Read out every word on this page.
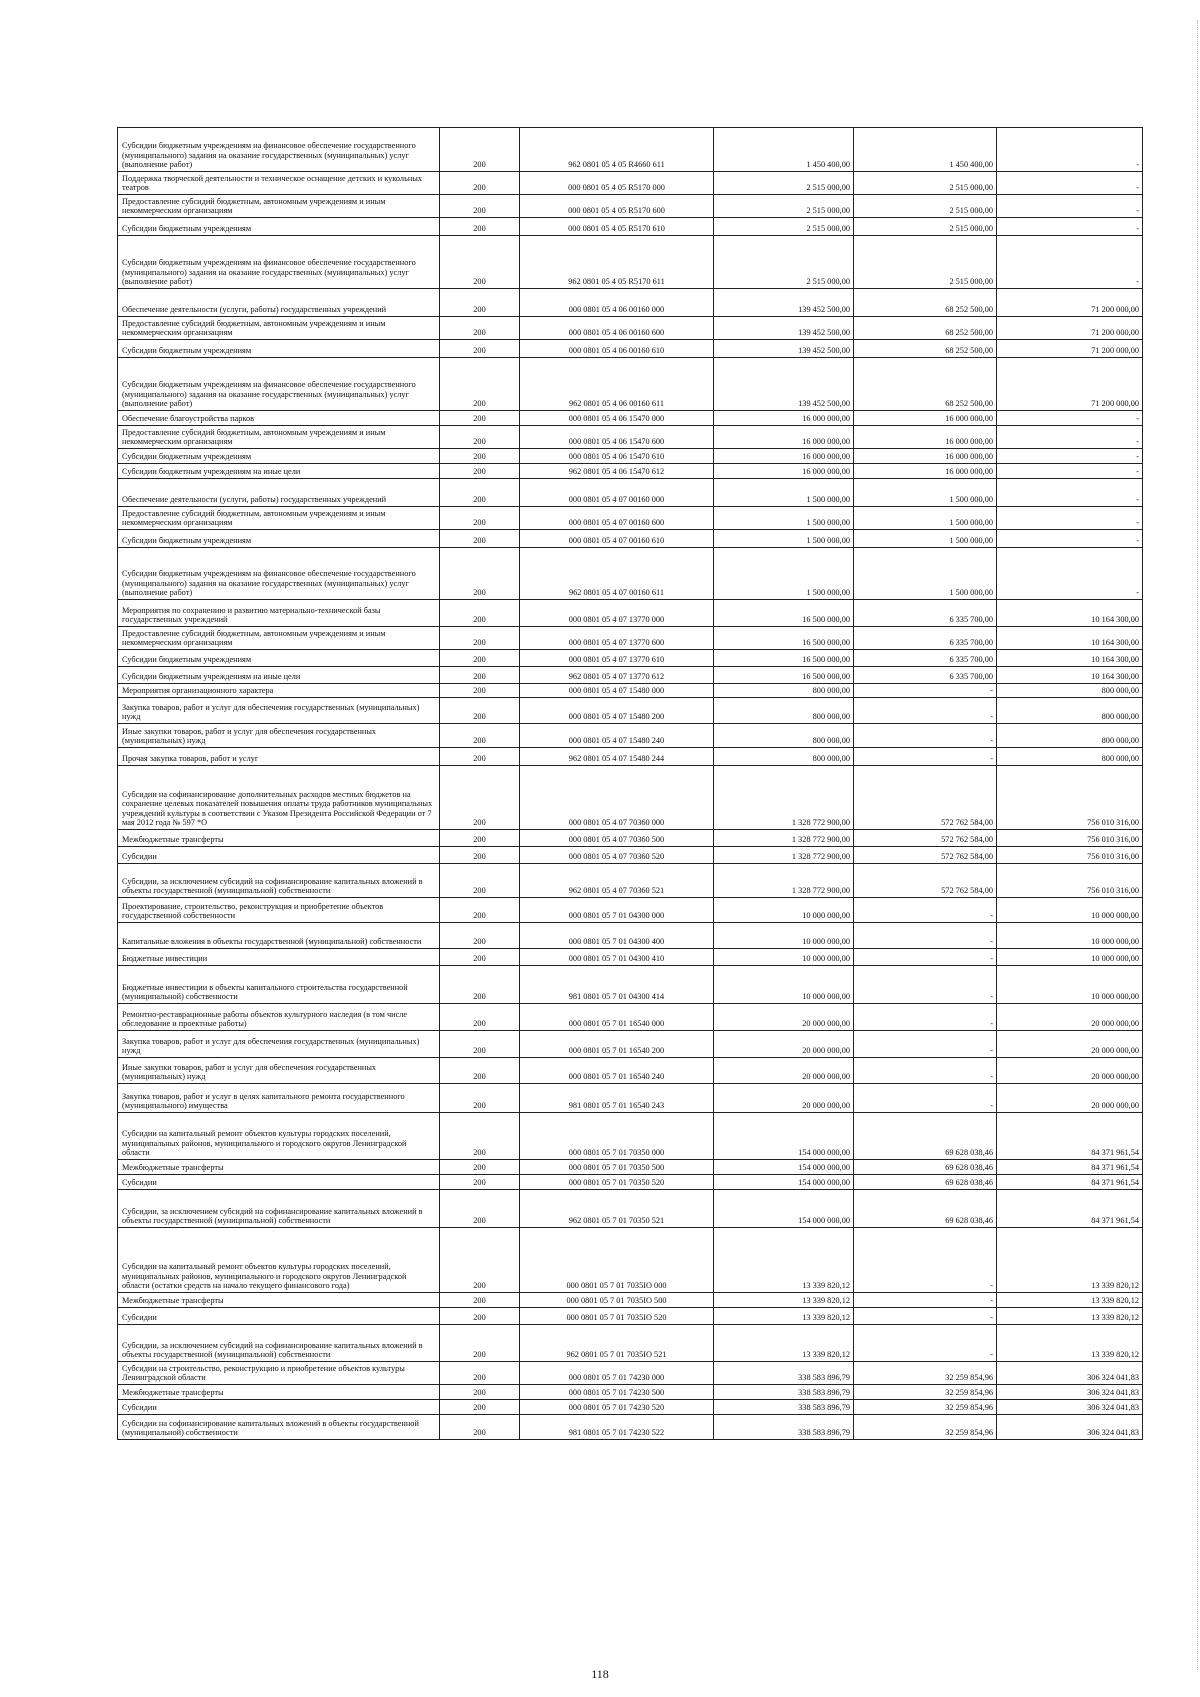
Субсидии бюджетным учреждениям на финансовое обеспечение государственного (муниципального) задания на оказание государственных (муниципальных) услуг (выполнение работ)	200	962 0801 05 4 05 R4660 611	1 450 400,00	1 450 400,00	-
Поддержка творческой деятельности и техническое оснащение детских и кукольных театров	200	000 0801 05 4 05 R5170 000	2 515 000,00	2 515 000,00	-
Предоставление субсидий бюджетным, автономным учреждениям и иным некоммерческим организациям	200	000 0801 05 4 05 R5170 600	2 515 000,00	2 515 000,00	-
Субсидии бюджетным учреждениям	200	000 0801 05 4 05 R5170 610	2 515 000,00	2 515 000,00	-
Субсидии бюджетным учреждениям на финансовое обеспечение государственного (муниципального) задания на оказание государственных (муниципальных) услуг (выполнение работ)	200	962 0801 05 4 05 R5170 611	2 515 000,00	2 515 000,00	-
Обеспечение деятельности (услуги, работы) государственных учреждений	200	000 0801 05 4 06 00160 000	139 452 500,00	68 252 500,00	71 200 000,00
Предоставление субсидий бюджетным, автономным учреждениям и иным некоммерческим организациям	200	000 0801 05 4 06 00160 600	139 452 500,00	68 252 500,00	71 200 000,00
Субсидии бюджетным учреждениям	200	000 0801 05 4 06 00160 610	139 452 500,00	68 252 500,00	71 200 000,00
Субсидии бюджетным учреждениям на финансовое обеспечение государственного (муниципального) задания на оказание государственных (муниципальных) услуг (выполнение работ)	200	962 0801 05 4 06 00160 611	139 452 500,00	68 252 500,00	71 200 000,00
Обеспечение благоустройства парков	200	000 0801 05 4 06 15470 000	16 000 000,00	16 000 000,00	-
Предоставление субсидий бюджетным, автономным учреждениям и иным некоммерческим организациям	200	000 0801 05 4 06 15470 600	16 000 000,00	16 000 000,00	-
Субсидии бюджетным учреждениям	200	000 0801 05 4 06 15470 610	16 000 000,00	16 000 000,00	-
Субсидии бюджетным учреждениям на иные цели	200	962 0801 05 4 06 15470 612	16 000 000,00	16 000 000,00	-
Обеспечение деятельности (услуги, работы) государственных учреждений	200	000 0801 05 4 07 00160 000	1 500 000,00	1 500 000,00	-
Предоставление субсидий бюджетным, автономным учреждениям и иным некоммерческим организациям	200	000 0801 05 4 07 00160 600	1 500 000,00	1 500 000,00	-
Субсидии бюджетным учреждениям	200	000 0801 05 4 07 00160 610	1 500 000,00	1 500 000,00	-
Субсидии бюджетным учреждениям на финансовое обеспечение государственного (муниципального) задания на оказание государственных (муниципальных) услуг (выполнение работ)	200	962 0801 05 4 07 00160 611	1 500 000,00	1 500 000,00	-
Мероприятия по сохранению и развитию материально-технической базы государственных учреждений	200	000 0801 05 4 07 13770 000	16 500 000,00	6 335 700,00	10 164 300,00
Предоставление субсидий бюджетным, автономным учреждениям и иным некоммерческим организациям	200	000 0801 05 4 07 13770 600	16 500 000,00	6 335 700,00	10 164 300,00
Субсидии бюджетным учреждениям	200	000 0801 05 4 07 13770 610	16 500 000,00	6 335 700,00	10 164 300,00
Субсидии бюджетным учреждениям на иные цели	200	962 0801 05 4 07 13770 612	16 500 000,00	6 335 700,00	10 164 300,00
Мероприятия организационного характера	200	000 0801 05 4 07 15480 000	800 000,00	-	800 000,00
Закупка товаров, работ и услуг для обеспечения государственных (муниципальных) нужд	200	000 0801 05 4 07 15480 200	800 000,00	-	800 000,00
Иные закупки товаров, работ и услуг для обеспечения государственных (муниципальных) нужд	200	000 0801 05 4 07 15480 240	800 000,00	-	800 000,00
Прочая закупка товаров, работ и услуг	200	962 0801 05 4 07 15480 244	800 000,00	-	800 000,00
Субсидии на софинансирование дополнительных расходов местных бюджетов на сохранение целевых показателей повышения оплаты труда работников муниципальных учреждений культуры в соответствии с Указом Президента Российской Федерации от 7 мая 2012 года № 597 *О	200	000 0801 05 4 07 70360 000	1 328 772 900,00	572 762 584,00	756 010 316,00
Межбюджетные трансферты	200	000 0801 05 4 07 70360 500	1 328 772 900,00	572 762 584,00	756 010 316,00
Субсидии	200	000 0801 05 4 07 70360 520	1 328 772 900,00	572 762 584,00	756 010 316,00
Субсидии, за исключением субсидий на софинансирование капитальных вложений в объекты государственной (муниципальной) собственности	200	962 0801 05 4 07 70360 521	1 328 772 900,00	572 762 584,00	756 010 316,00
Проектирование, строительство, реконструкция и приобретение объектов государственной собственности	200	000 0801 05 7 01 04300 000	10 000 000,00	-	10 000 000,00
Капитальные вложения в объекты государственной (муниципальной) собственности	200	000 0801 05 7 01 04300 400	10 000 000,00	-	10 000 000,00
Бюджетные инвестиции	200	000 0801 05 7 01 04300 410	10 000 000,00	-	10 000 000,00
Бюджетные инвестиции в объекты капитального строительства государственной (муниципальной) собственности	200	981 0801 05 7 01 04300 414	10 000 000,00	-	10 000 000,00
Ремонтно-реставрационные работы объектов культурного наследия (в том числе обследование и проектные работы)	200	000 0801 05 7 01 16540 000	20 000 000,00	-	20 000 000,00
Закупка товаров, работ и услуг для обеспечения государственных (муниципальных) нужд	200	000 0801 05 7 01 16540 200	20 000 000,00	-	20 000 000,00
Иные закупки товаров, работ и услуг для обеспечения государственных (муниципальных) нужд	200	000 0801 05 7 01 16540 240	20 000 000,00	-	20 000 000,00
Закупка товаров, работ и услуг в целях капитального ремонта государственного (муниципального) имущества	200	981 0801 05 7 01 16540 243	20 000 000,00	-	20 000 000,00
Субсидии на капитальный ремонт объектов культуры городских поселений, муниципальных районов, муниципального и городского округов Ленинградской области	200	000 0801 05 7 01 70350 000	154 000 000,00	69 628 038,46	84 371 961,54
Межбюджетные трансферты	200	000 0801 05 7 01 70350 500	154 000 000,00	69 628 038,46	84 371 961,54
Субсидии	200	000 0801 05 7 01 70350 520	154 000 000,00	69 628 038,46	84 371 961,54
Субсидии, за исключением субсидий на софинансирование капитальных вложений в объекты государственной (муниципальной) собственности	200	962 0801 05 7 01 70350 521	154 000 000,00	69 628 038,46	84 371 961,54
Субсидии на капитальный ремонт объектов культуры городских поселений, муниципальных районов, муниципального и городского округов Ленинградской области (остатки средств на начало текущего финансового года)	200	000 0801 05 7 01 7035IO 000	13 339 820,12	-	13 339 820,12
Межбюджетные трансферты	200	000 0801 05 7 01 7035IO 500	13 339 820,12	-	13 339 820,12
Субсидии	200	000 0801 05 7 01 7035IO 520	13 339 820,12	-	13 339 820,12
Субсидии, за исключением субсидий на софинансирование капитальных вложений в объекты государственной (муниципальной) собственности	200	962 0801 05 7 01 7035IO 521	13 339 820,12	-	13 339 820,12
Субсидии на строительство, реконструкцию и приобретение объектов культуры Ленинградской области	200	000 0801 05 7 01 74230 000	338 583 896,79	32 259 854,96	306 324 041,83
Межбюджетные трансферты	200	000 0801 05 7 01 74230 500	338 583 896,79	32 259 854,96	306 324 041,83
Субсидии	200	000 0801 05 7 01 74230 520	338 583 896,79	32 259 854,96	306 324 041,83
Субсидии на софинансирование капитальных вложений в объекты государственной (муниципальной) собственности	200	981 0801 05 7 01 74230 522	338 583 896,79	32 259 854,96	306 324 041,83
118
